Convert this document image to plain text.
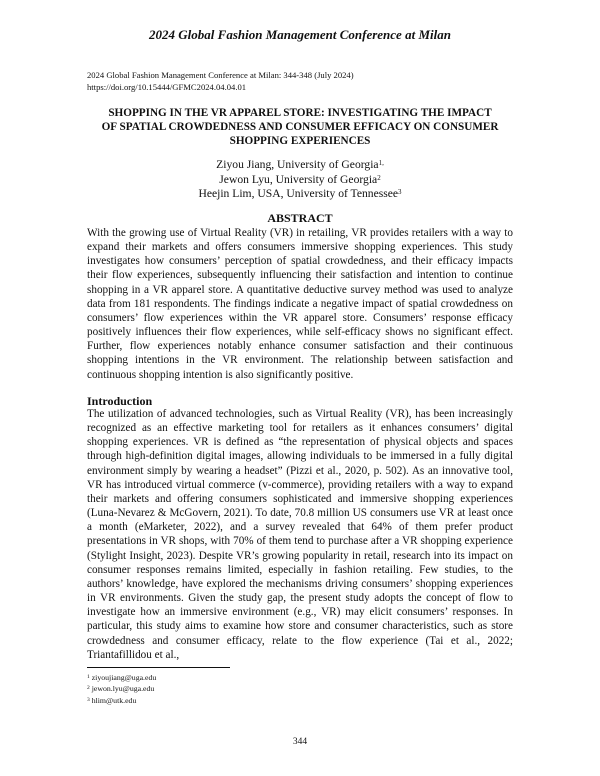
2024 Global Fashion Management Conference at Milan
2024 Global Fashion Management Conference at Milan: 344-348 (July 2024)
https://doi.org/10.15444/GFMC2024.04.04.01
SHOPPING IN THE VR APPAREL STORE: INVESTIGATING THE IMPACT
OF SPATIAL CROWDEDNESS AND CONSUMER EFFICACY ON CONSUMER
SHOPPING EXPERIENCES
Ziyou Jiang, University of Georgia$^{1,}$
Jewon Lyu, University of Georgia$^2$
Heejin Lim, USA, University of Tennessee$^3$
ABSTRACT
With the growing use of Virtual Reality (VR) in retailing, VR provides retailers with a way to expand their markets and offers consumers immersive shopping experiences. This study investigates how consumers’ perception of spatial crowdedness, and their efficacy impacts their flow experiences, subsequently influencing their satisfaction and intention to continue shopping in a VR apparel store. A quantitative deductive survey method was used to analyze data from 181 respondents. The findings indicate a negative impact of spatial crowdedness on consumers’ flow experiences within the VR apparel store. Consumers’ response efficacy positively influences their flow experiences, while self-efficacy shows no significant effect. Further, flow experiences notably enhance consumer satisfaction and their continuous shopping intentions in the VR environment. The relationship between satisfaction and continuous shopping intention is also significantly positive.
Introduction
The utilization of advanced technologies, such as Virtual Reality (VR), has been increasingly recognized as an effective marketing tool for retailers as it enhances consumers’ digital shopping experiences. VR is defined as “the representation of physical objects and spaces through high-definition digital images, allowing individuals to be immersed in a fully digital environment simply by wearing a headset” (Pizzi et al., 2020, p. 502). As an innovative tool, VR has introduced virtual commerce (v-commerce), providing retailers with a way to expand their markets and offering consumers sophisticated and immersive shopping experiences (Luna-Nevarez & McGovern, 2021). To date, 70.8 million US consumers use VR at least once a month (eMarketer, 2022), and a survey revealed that 64% of them prefer product presentations in VR shops, with 70% of them tend to purchase after a VR shopping experience (Stylight Insight, 2023). Despite VR’s growing popularity in retail, research into its impact on consumer responses remains limited, especially in fashion retailing. Few studies, to the authors’ knowledge, have explored the mechanisms driving consumers’ shopping experiences in VR environments. Given the study gap, the present study adopts the concept of flow to investigate how an immersive environment (e.g., VR) may elicit consumers’ responses. In particular, this study aims to examine how store and consumer characteristics, such as store crowdedness and consumer efficacy, relate to the flow experience (Tai et al., 2022; Triantafillidou et al.,
$^1$ ziyoujiang@uga.edu
$^2$ jewon.lyu@uga.edu
$^3$ hlim@utk.edu
344
